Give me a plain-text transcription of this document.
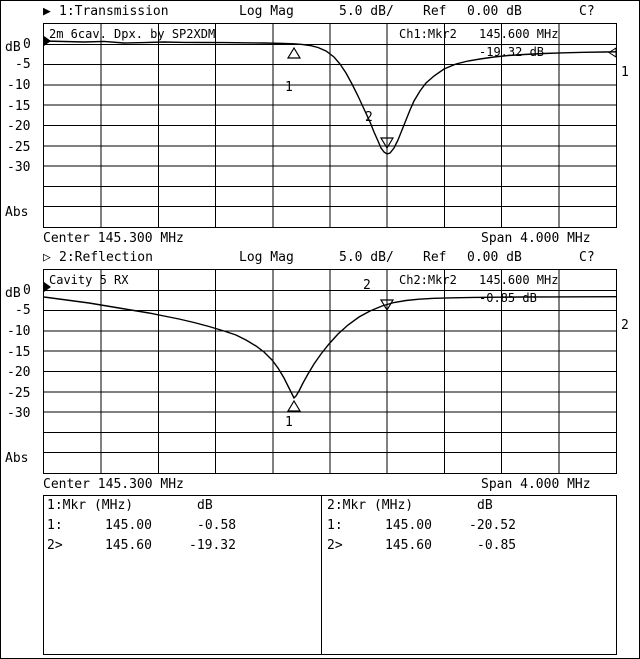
▶ 1:Transmission	Log Mag	5.0 dB/ Ref 0.00 dB	C?
2m 6cav. Dpx. by SP2XDM	Ch1:Mkr2 145.600 MHz
-19.32 dB
dB 0
-5
-10
-15
-20
-25
-30
Abs
1
2
1
Center 145.300 MHz	Span 4.000 MHz
▷ 2:Reflection	Log Mag	5.0 dB/ Ref 0.00 dB	C?
Cavity 5 RX	Ch2:Mkr2 145.600 MHz
-0.85 dB
dB 0
-5
-10
-15
-20
-25
-30
Abs
1
2
2
Center 145.300 MHz	Span 4.000 MHz
1:Mkr (MHz)	dB
1:	145.00	-0.58
2>	145.60	-19.32
2:Mkr (MHz)	dB
1:	145.00	-20.52
2>	145.60	-0.85
